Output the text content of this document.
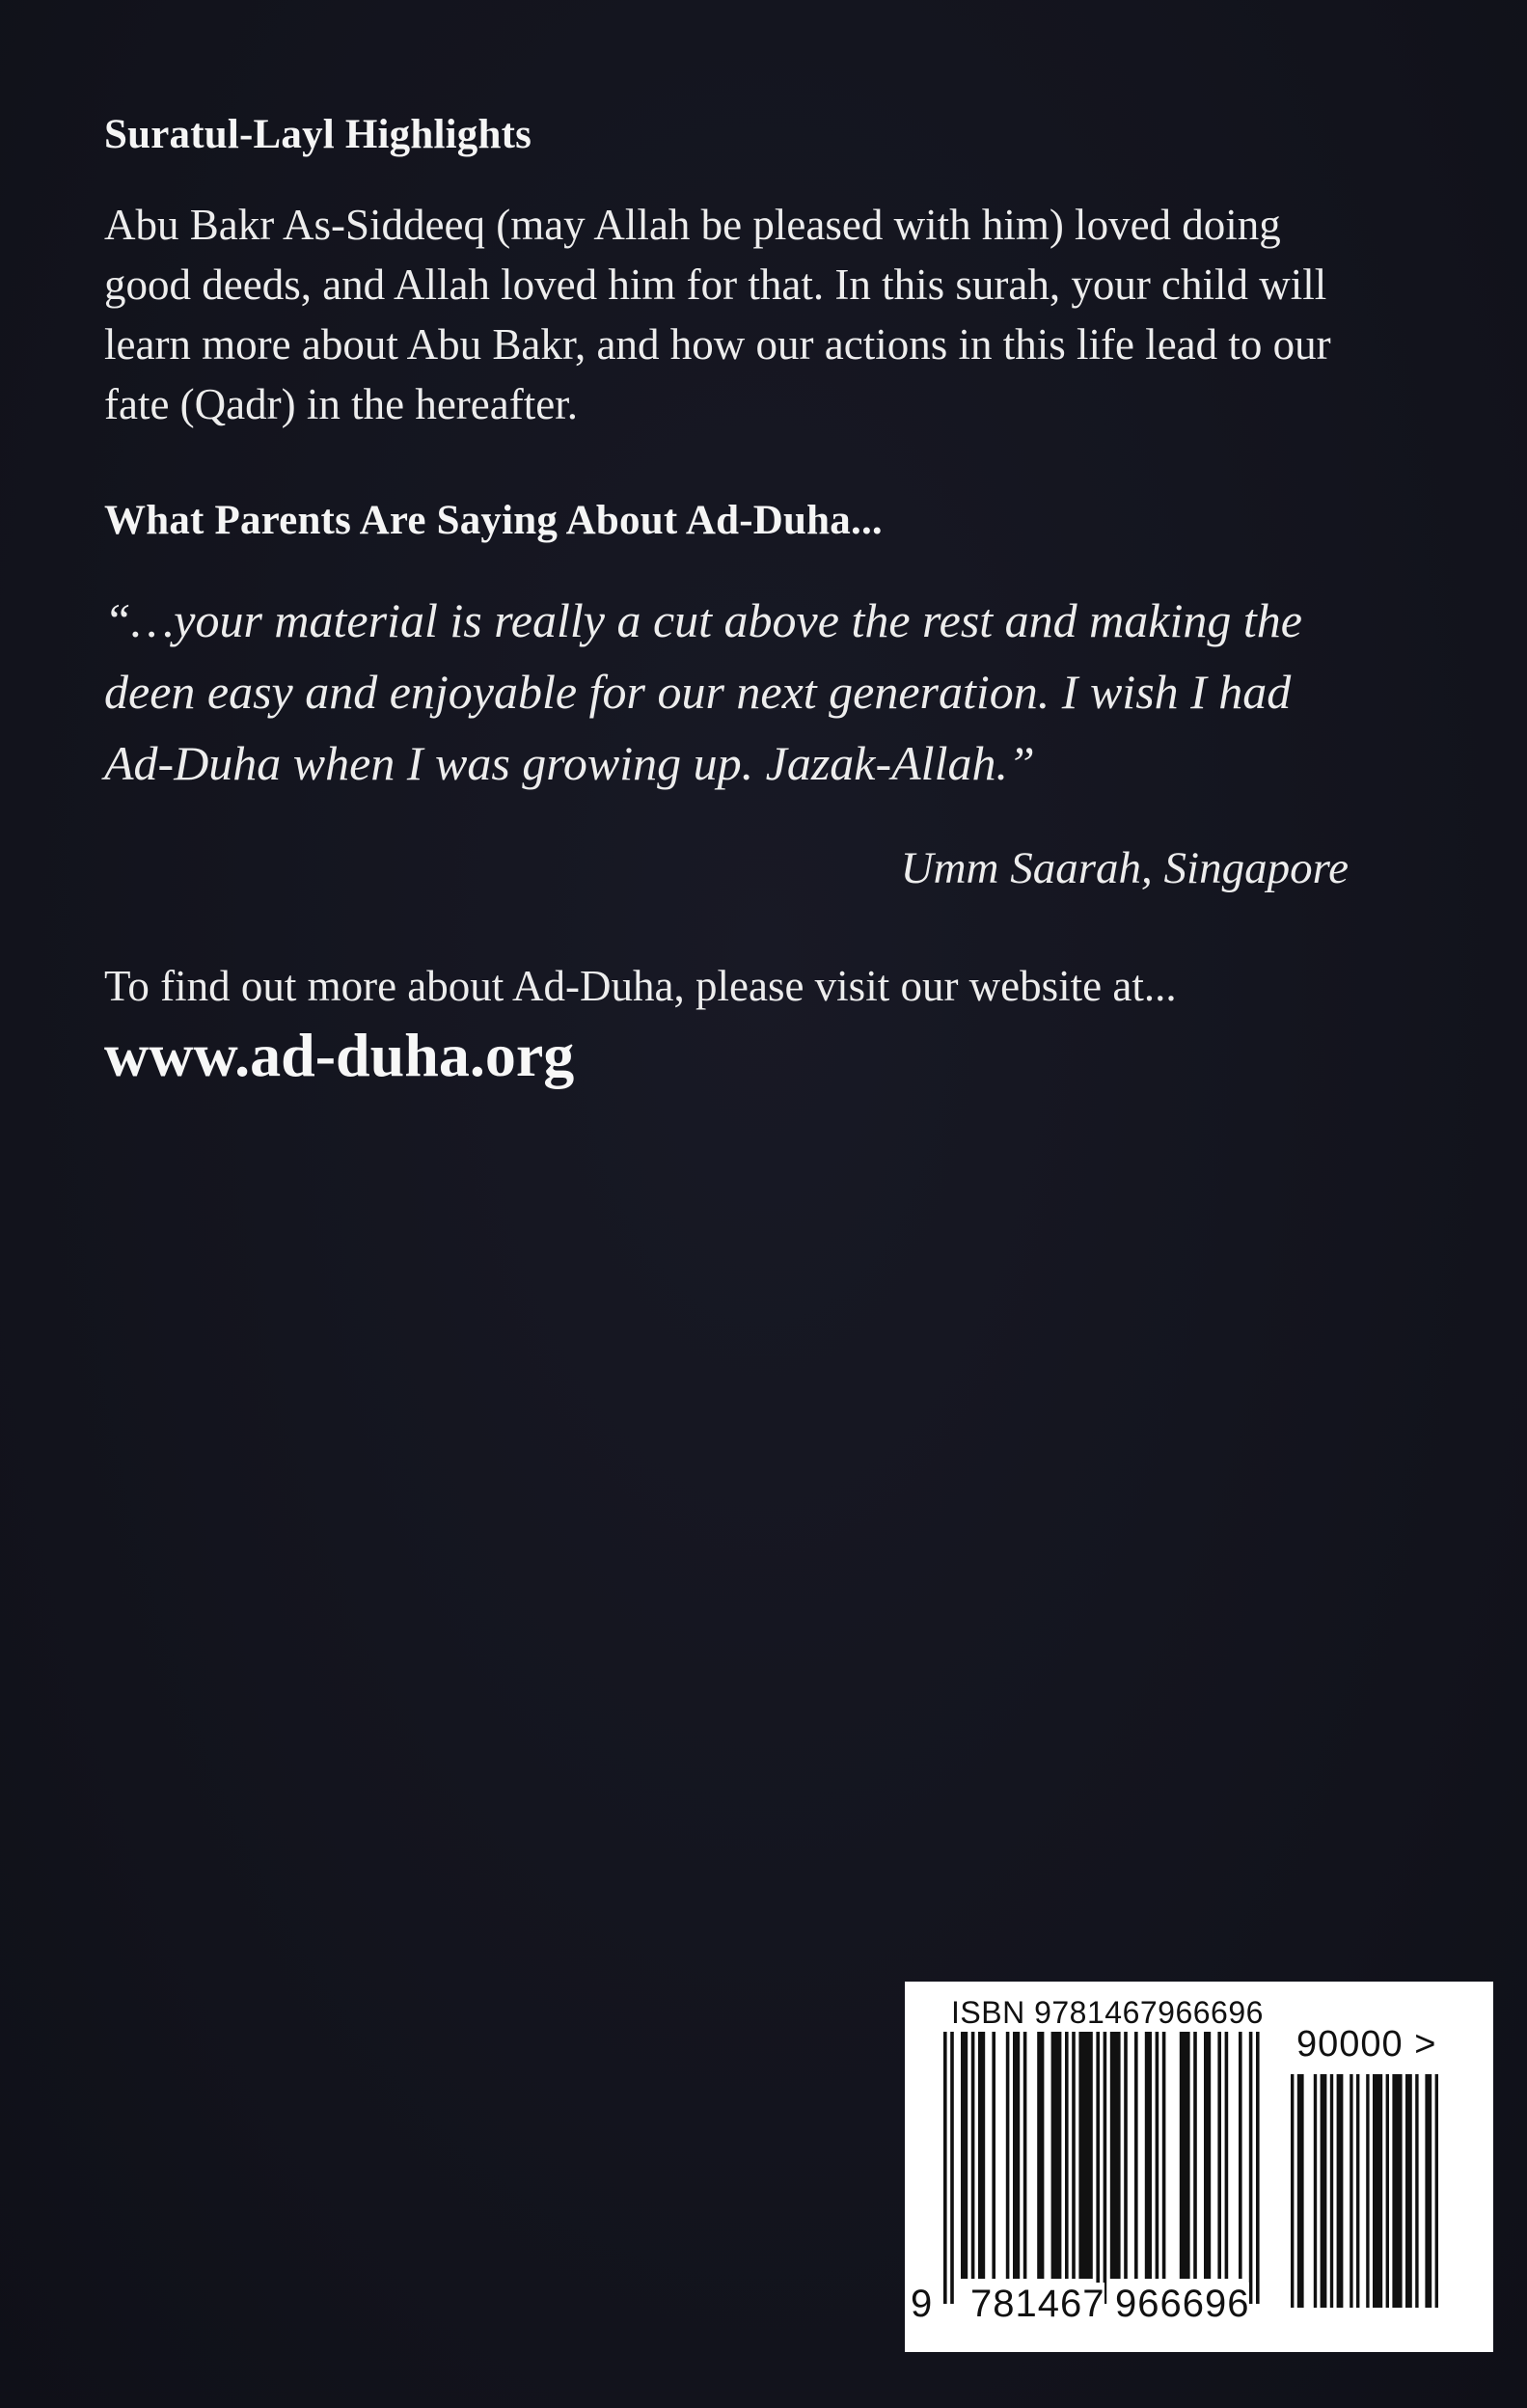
Suratul-Layl Highlights

Abu Bakr As-Siddeeq (may Allah be pleased with him) loved doing good deeds, and Allah loved him for that. In this surah, your child will learn more about Abu Bakr, and how our actions in this life lead to our fate (Qadr) in the hereafter.

What Parents Are Saying About Ad-Duha...

“…your material is really a cut above the rest and making the deen easy and enjoyable for our next generation. I wish I had Ad-Duha when I was growing up. Jazak-Allah.”

Umm Saarah, Singapore

To find out more about Ad-Duha, please visit our website at...

www.ad-duha.org

ISBN 9781467966696
90000 >
9 781467 966696
